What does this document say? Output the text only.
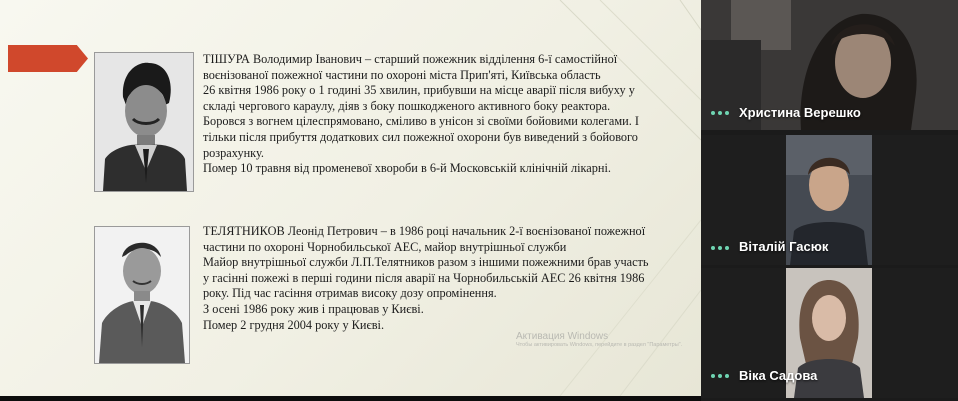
ТІШУРА Володимир Іванович – старший пожежник відділення 6-ї самостійної

воєнізованої пожежної частини по охороні міста Прип'яті, Київська область

26 квітня 1986 року о 1 годині 35 хвилин, прибувши на місце аварії після вибуху у

складі чергового караулу, діяв з боку пошкодженого активного боку реактора.

Боровся з вогнем цілеспрямовано, сміливо в унісон зі своїми бойовими колегами. І

тільки після прибуття додаткових сил пожежної охорони був виведений з бойового

розрахунку.

Помер 10 травня від променевої хвороби в 6-й Московській клінічній лікарні.

ТЕЛЯТНИКОВ Леонід Петрович – в 1986 році начальник 2-ї воєнізованої пожежної

частини по охороні Чорнобильської АЕС, майор внутрішньої служби

Майор внутрішньої служби Л.П.Телятников разом з іншими пожежними брав участь

у гасінні пожежі в перші години після аварії на Чорнобильській АЕС 26 квітня 1986

року. Під час гасіння отримав високу дозу опромінення.

З осені 1986 року жив і працював у Києві.

Помер 2 грудня 2004 року у Києві.

Активация Windows
Чтобы активировать Windows, перейдите в раздел "Параметры".
Христина Верешко
Віталій Гасюк
Віка Садова
